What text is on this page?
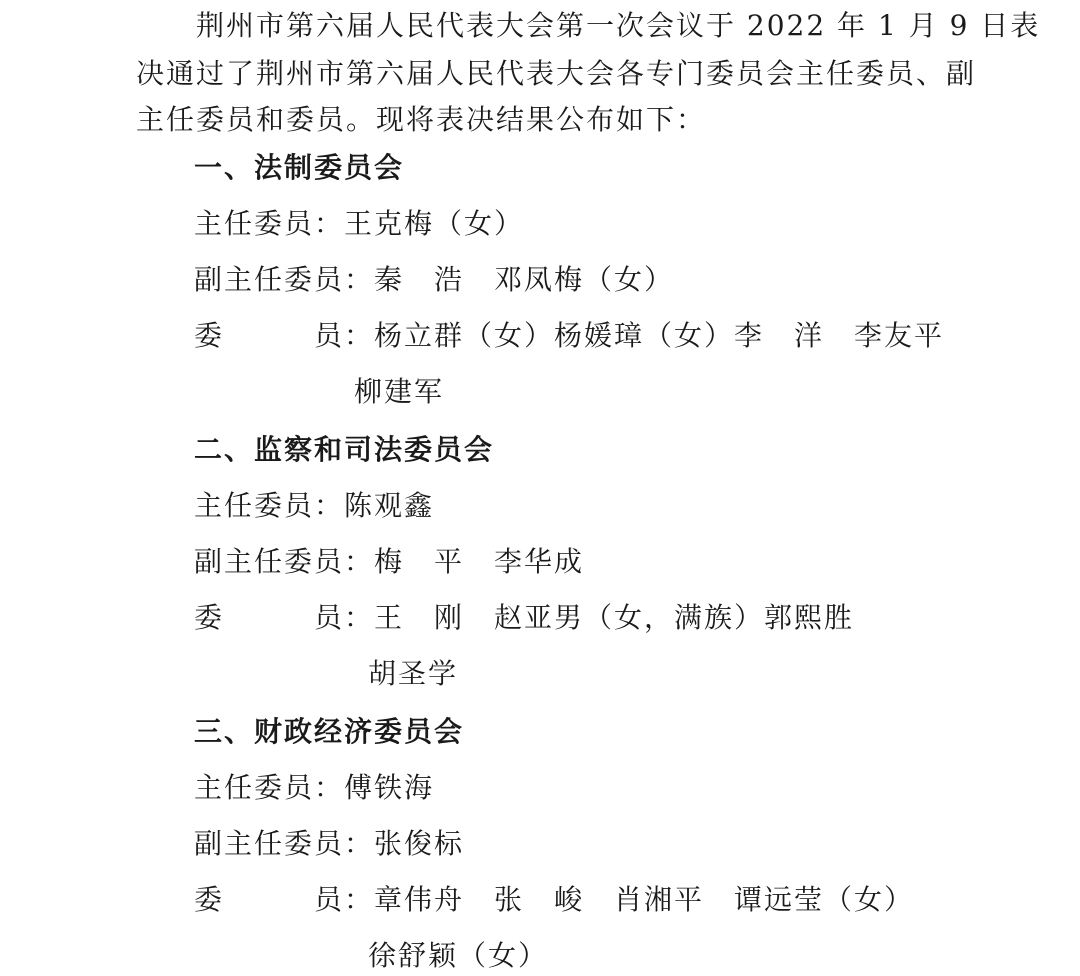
荆州市第六届人民代表大会第一次会议于 2022 年 1 月 9 日表
决通过了荆州市第六届人民代表大会各专门委员会主任委员、副
主任委员和委员。现将表决结果公布如下：
一、法制委员会
主任委员：王克梅（女）
副主任委员：秦　浩　邓凤梅（女）
委　　　员：杨立群（女）杨媛璋（女）李　洋　李友平
柳建军
二、监察和司法委员会
主任委员：陈观鑫
副主任委员：梅　平　李华成
委　　　员：王　刚　赵亚男（女，满族）郭熙胜
胡圣学
三、财政经济委员会
主任委员：傅铁海
副主任委员：张俊标
委　　　员：章伟舟　张　峻　肖湘平　谭远莹（女）
徐舒颖（女）
